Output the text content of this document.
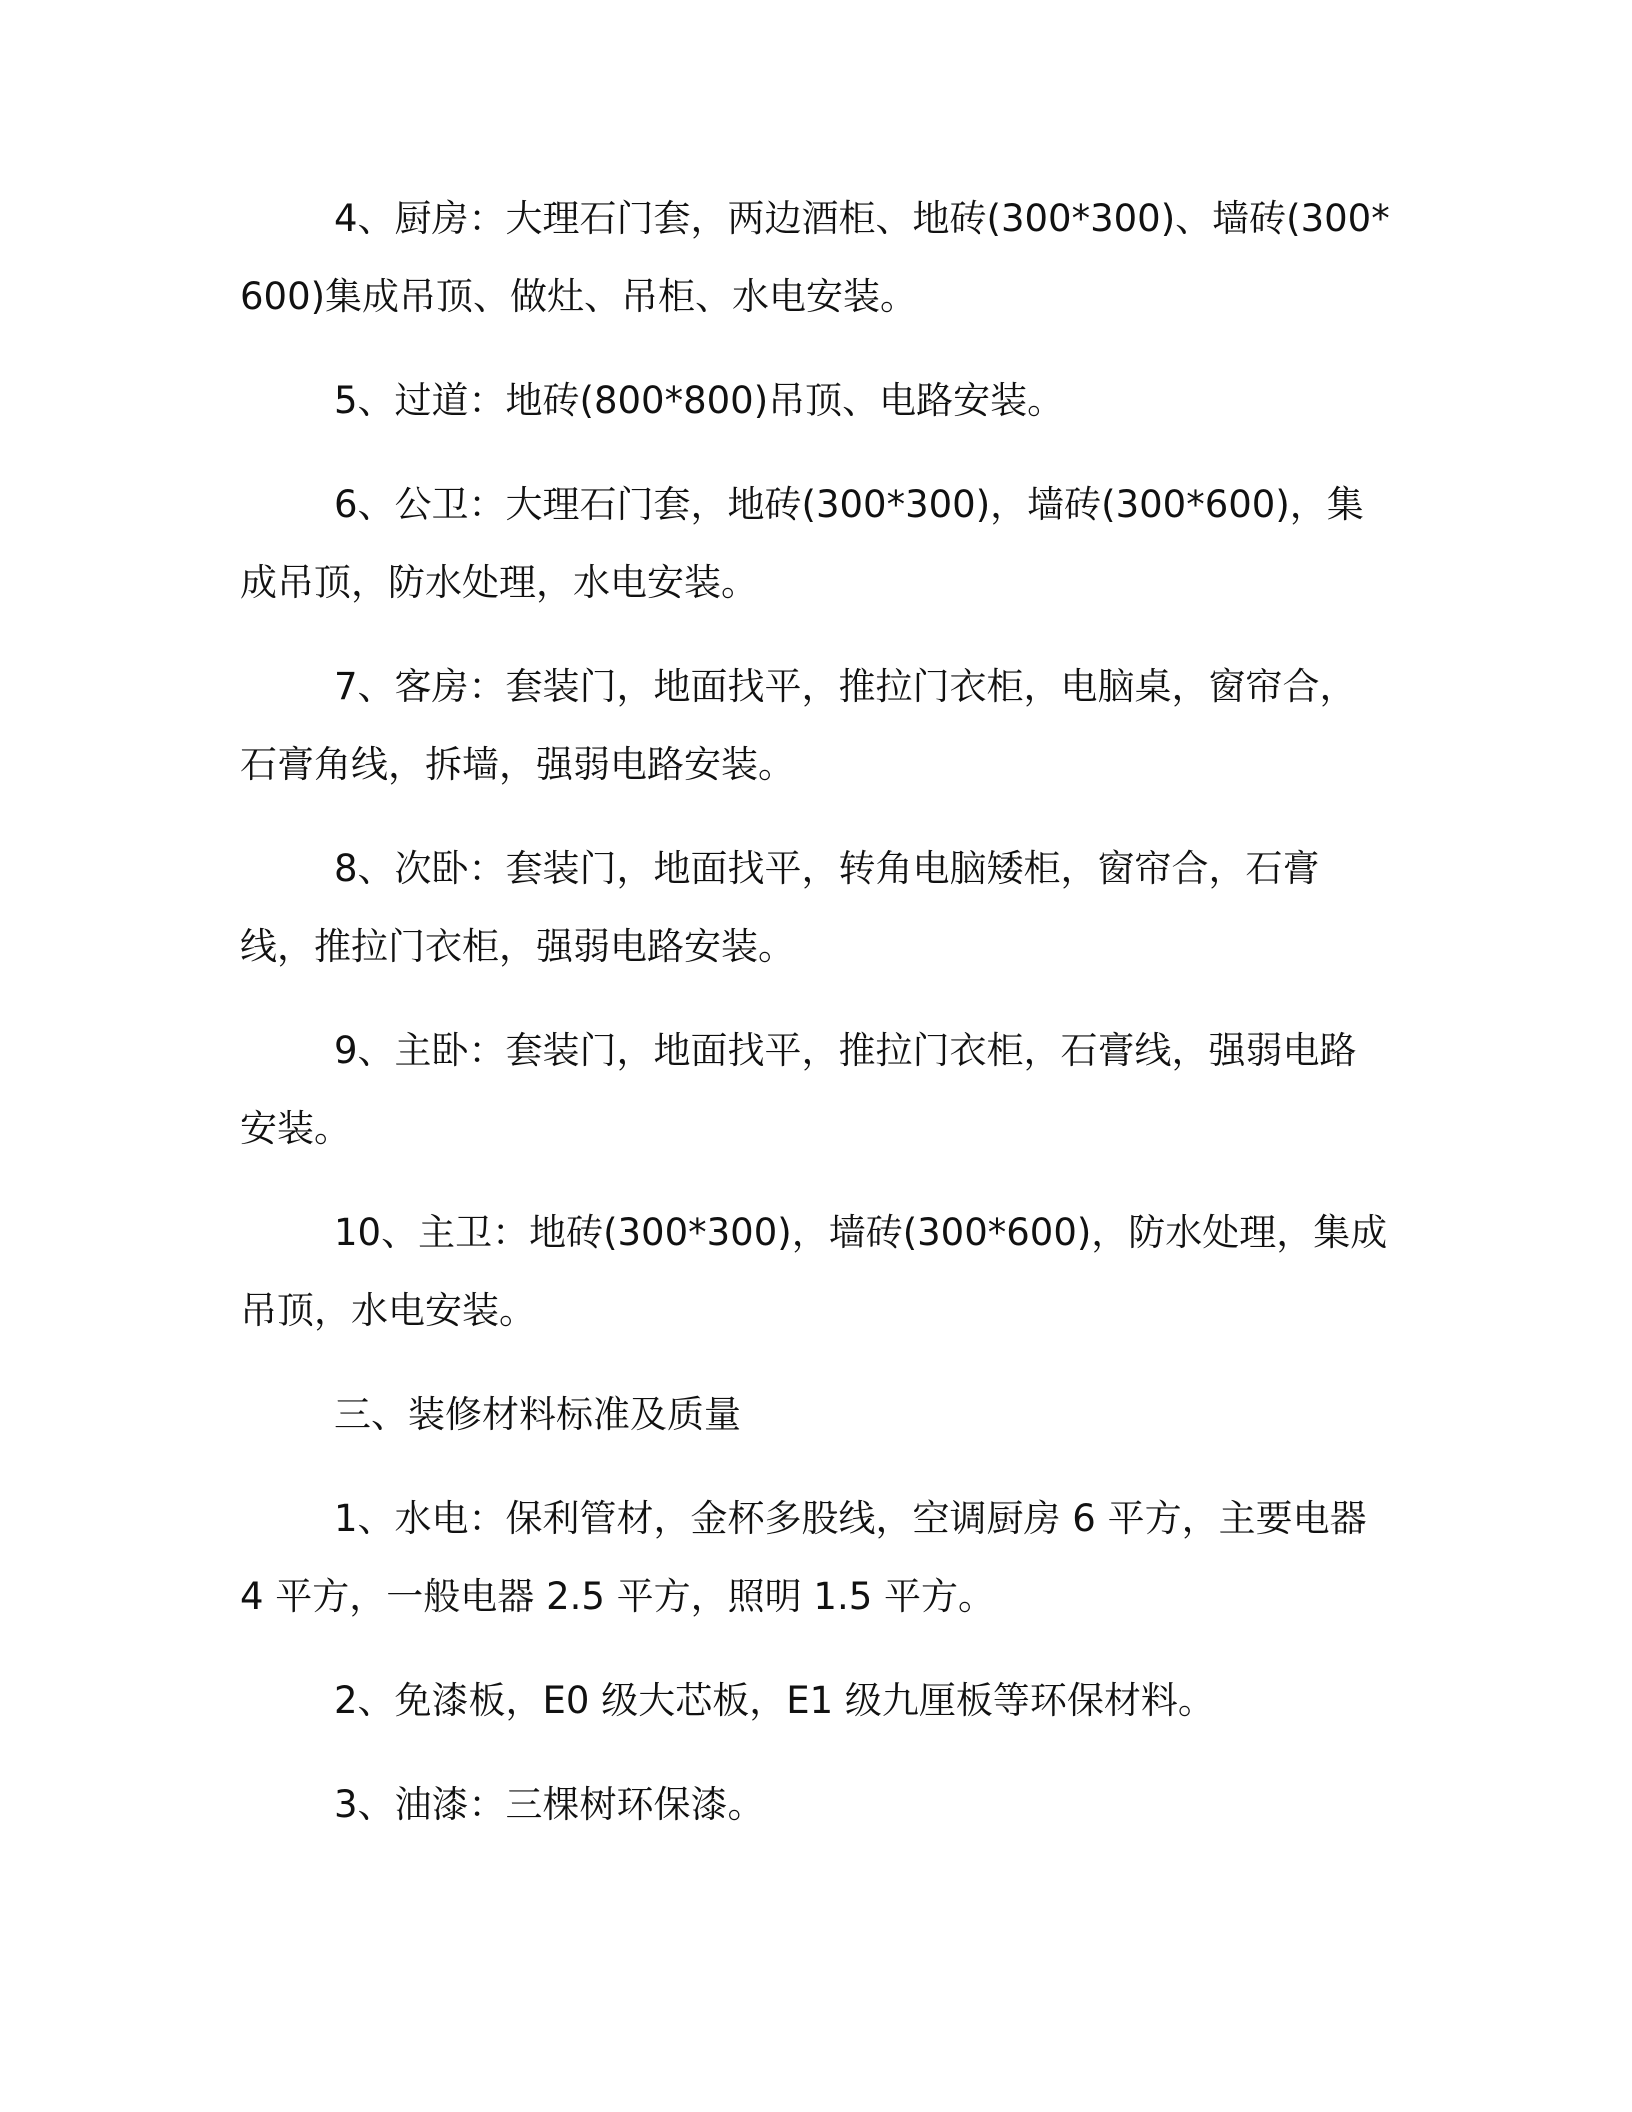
4、厨房：大理石门套，两边酒柜、地砖(300*300)、墙砖(300*600)集成吊顶、做灶、吊柜、水电安装。

5、过道：地砖(800*800)吊顶、电路安装。

6、公卫：大理石门套，地砖(300*300)，墙砖(300*600)，集成吊顶，防水处理，水电安装。

7、客房：套装门，地面找平，推拉门衣柜，电脑桌，窗帘合，石膏角线，拆墙，强弱电路安装。

8、次卧：套装门，地面找平，转角电脑矮柜，窗帘合，石膏线，推拉门衣柜，强弱电路安装。

9、主卧：套装门，地面找平，推拉门衣柜，石膏线，强弱电路安装。

10、主卫：地砖(300*300)，墙砖(300*600)，防水处理，集成吊顶，水电安装。

三、装修材料标准及质量

1、水电：保利管材，金杯多股线，空调厨房 6 平方，主要电器 4 平方，一般电器 2.5 平方，照明 1.5 平方。

2、免漆板，E0 级大芯板，E1 级九厘板等环保材料。

3、油漆：三棵树环保漆。
